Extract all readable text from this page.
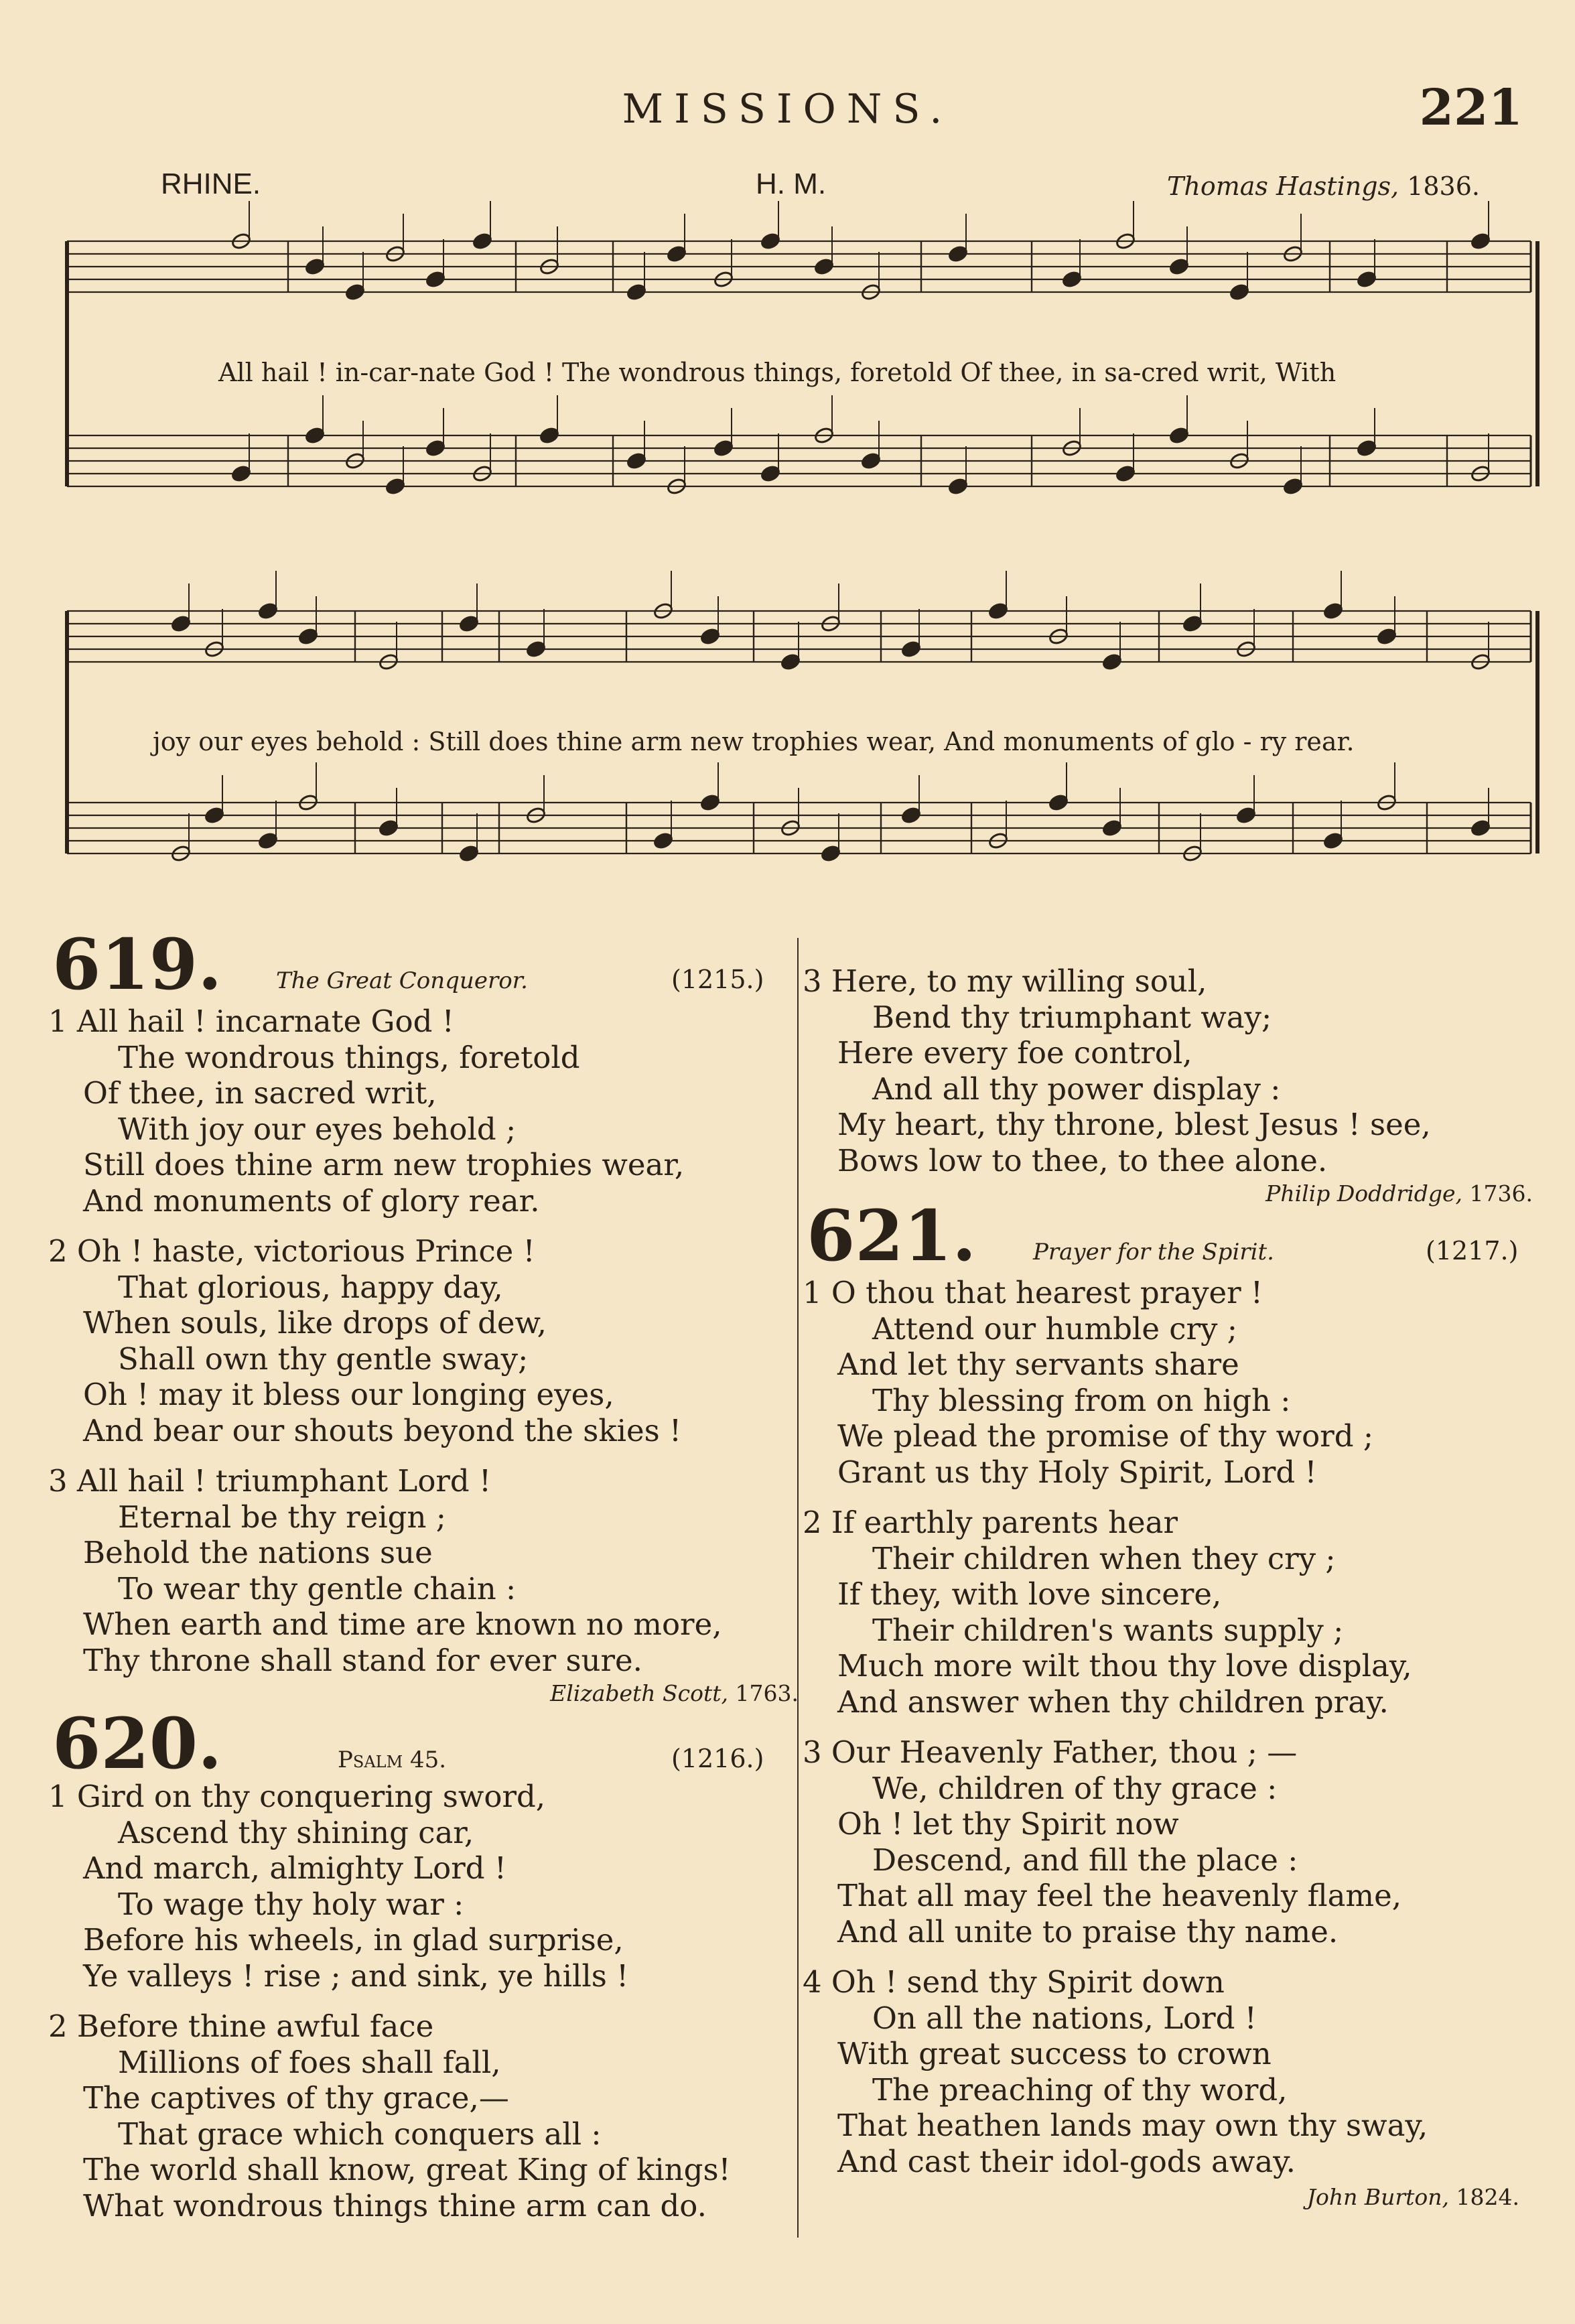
MISSIONS.	221
RHINE.	H. M.	Thomas Hastings, 1836.
All hail ! in-car-nate God ! The wondrous things, foretold Of thee, in sa-cred writ, With
joy our eyes behold : Still does thine arm new trophies wear, And monuments of glo - ry rear.
619. The Great Conqueror.	(1215.)
1 All hail ! incarnate God !
The wondrous things, foretold
Of thee, in sacred writ,
With joy our eyes behold ;
Still does thine arm new trophies wear,
And monuments of glory rear.
2 Oh ! haste, victorious Prince !
That glorious, happy day,
When souls, like drops of dew,
Shall own thy gentle sway;
Oh ! may it bless our longing eyes,
And bear our shouts beyond the skies !
3 All hail ! triumphant Lord !
Eternal be thy reign ;
Behold the nations sue
To wear thy gentle chain :
When earth and time are known no more,
Thy throne shall stand for ever sure.
Elizabeth Scott, 1763.
620.	Psalm 45.	(1216.)
1 Gird on thy conquering sword,
Ascend thy shining car,
And march, almighty Lord !
To wage thy holy war :
Before his wheels, in glad surprise,
Ye valleys ! rise ; and sink, ye hills !
2 Before thine awful face
Millions of foes shall fall,
The captives of thy grace,—
That grace which conquers all :
The world shall know, great King of kings!
What wondrous things thine arm can do.
3 Here, to my willing soul,
Bend thy triumphant way;
Here every foe control,
And all thy power display :
My heart, thy throne, blest Jesus ! see,
Bows low to thee, to thee alone.
Philip Doddridge, 1736.
621. Prayer for the Spirit.	(1217.)
1 O thou that hearest prayer !
Attend our humble cry ;
And let thy servants share
Thy blessing from on high :
We plead the promise of thy word ;
Grant us thy Holy Spirit, Lord !
2 If earthly parents hear
Their children when they cry ;
If they, with love sincere,
Their children's wants supply ;
Much more wilt thou thy love display,
And answer when thy children pray.
3 Our Heavenly Father, thou ; —
We, children of thy grace :
Oh ! let thy Spirit now
Descend, and fill the place :
That all may feel the heavenly flame,
And all unite to praise thy name.
4 Oh ! send thy Spirit down
On all the nations, Lord !
With great success to crown
The preaching of thy word,
That heathen lands may own thy sway,
And cast their idol-gods away.
John Burton, 1824.
